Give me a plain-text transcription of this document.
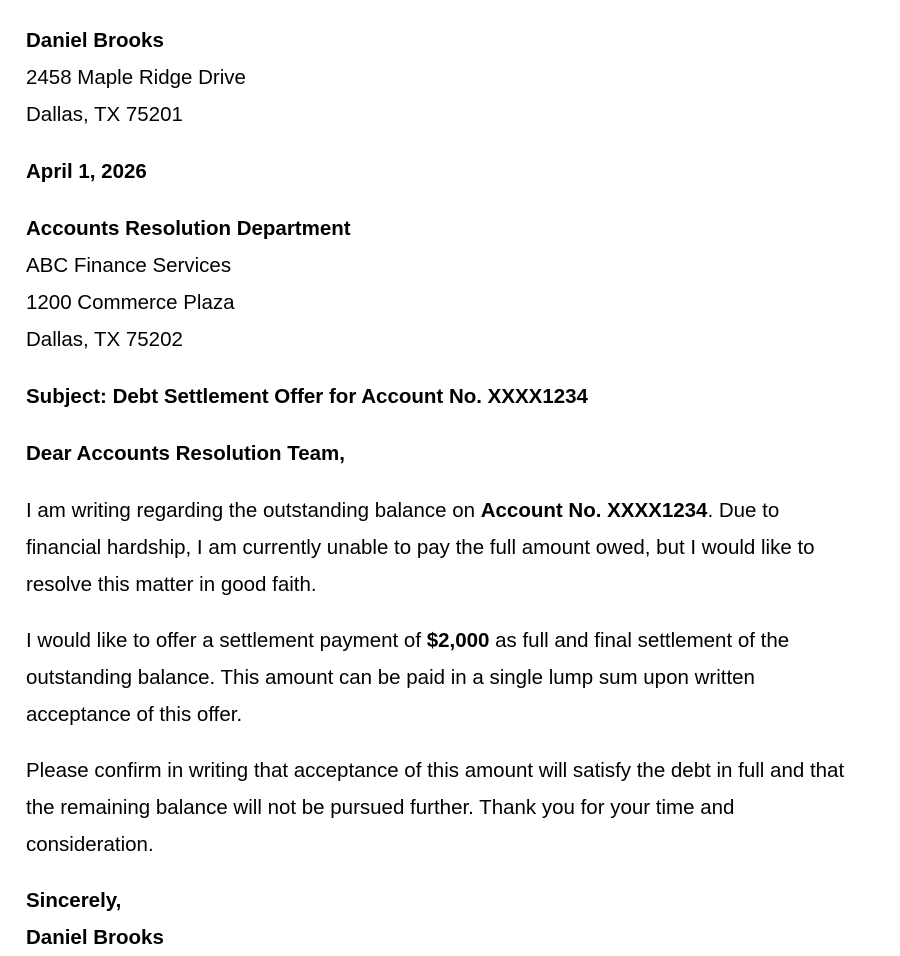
Daniel Brooks
2458 Maple Ridge Drive
Dallas, TX 75201
April 1, 2026
Accounts Resolution Department
ABC Finance Services
1200 Commerce Plaza
Dallas, TX 75202
Subject: Debt Settlement Offer for Account No. XXXX1234
Dear Accounts Resolution Team,

I am writing regarding the outstanding balance on Account No. XXXX1234. Due to financial hardship, I am currently unable to pay the full amount owed, but I would like to resolve this matter in good faith.

I would like to offer a settlement payment of $2,000 as full and final settlement of the outstanding balance. This amount can be paid in a single lump sum upon written acceptance of this offer.

Please confirm in writing that acceptance of this amount will satisfy the debt in full and that the remaining balance will not be pursued further. Thank you for your time and consideration.

Sincerely,
Daniel Brooks
